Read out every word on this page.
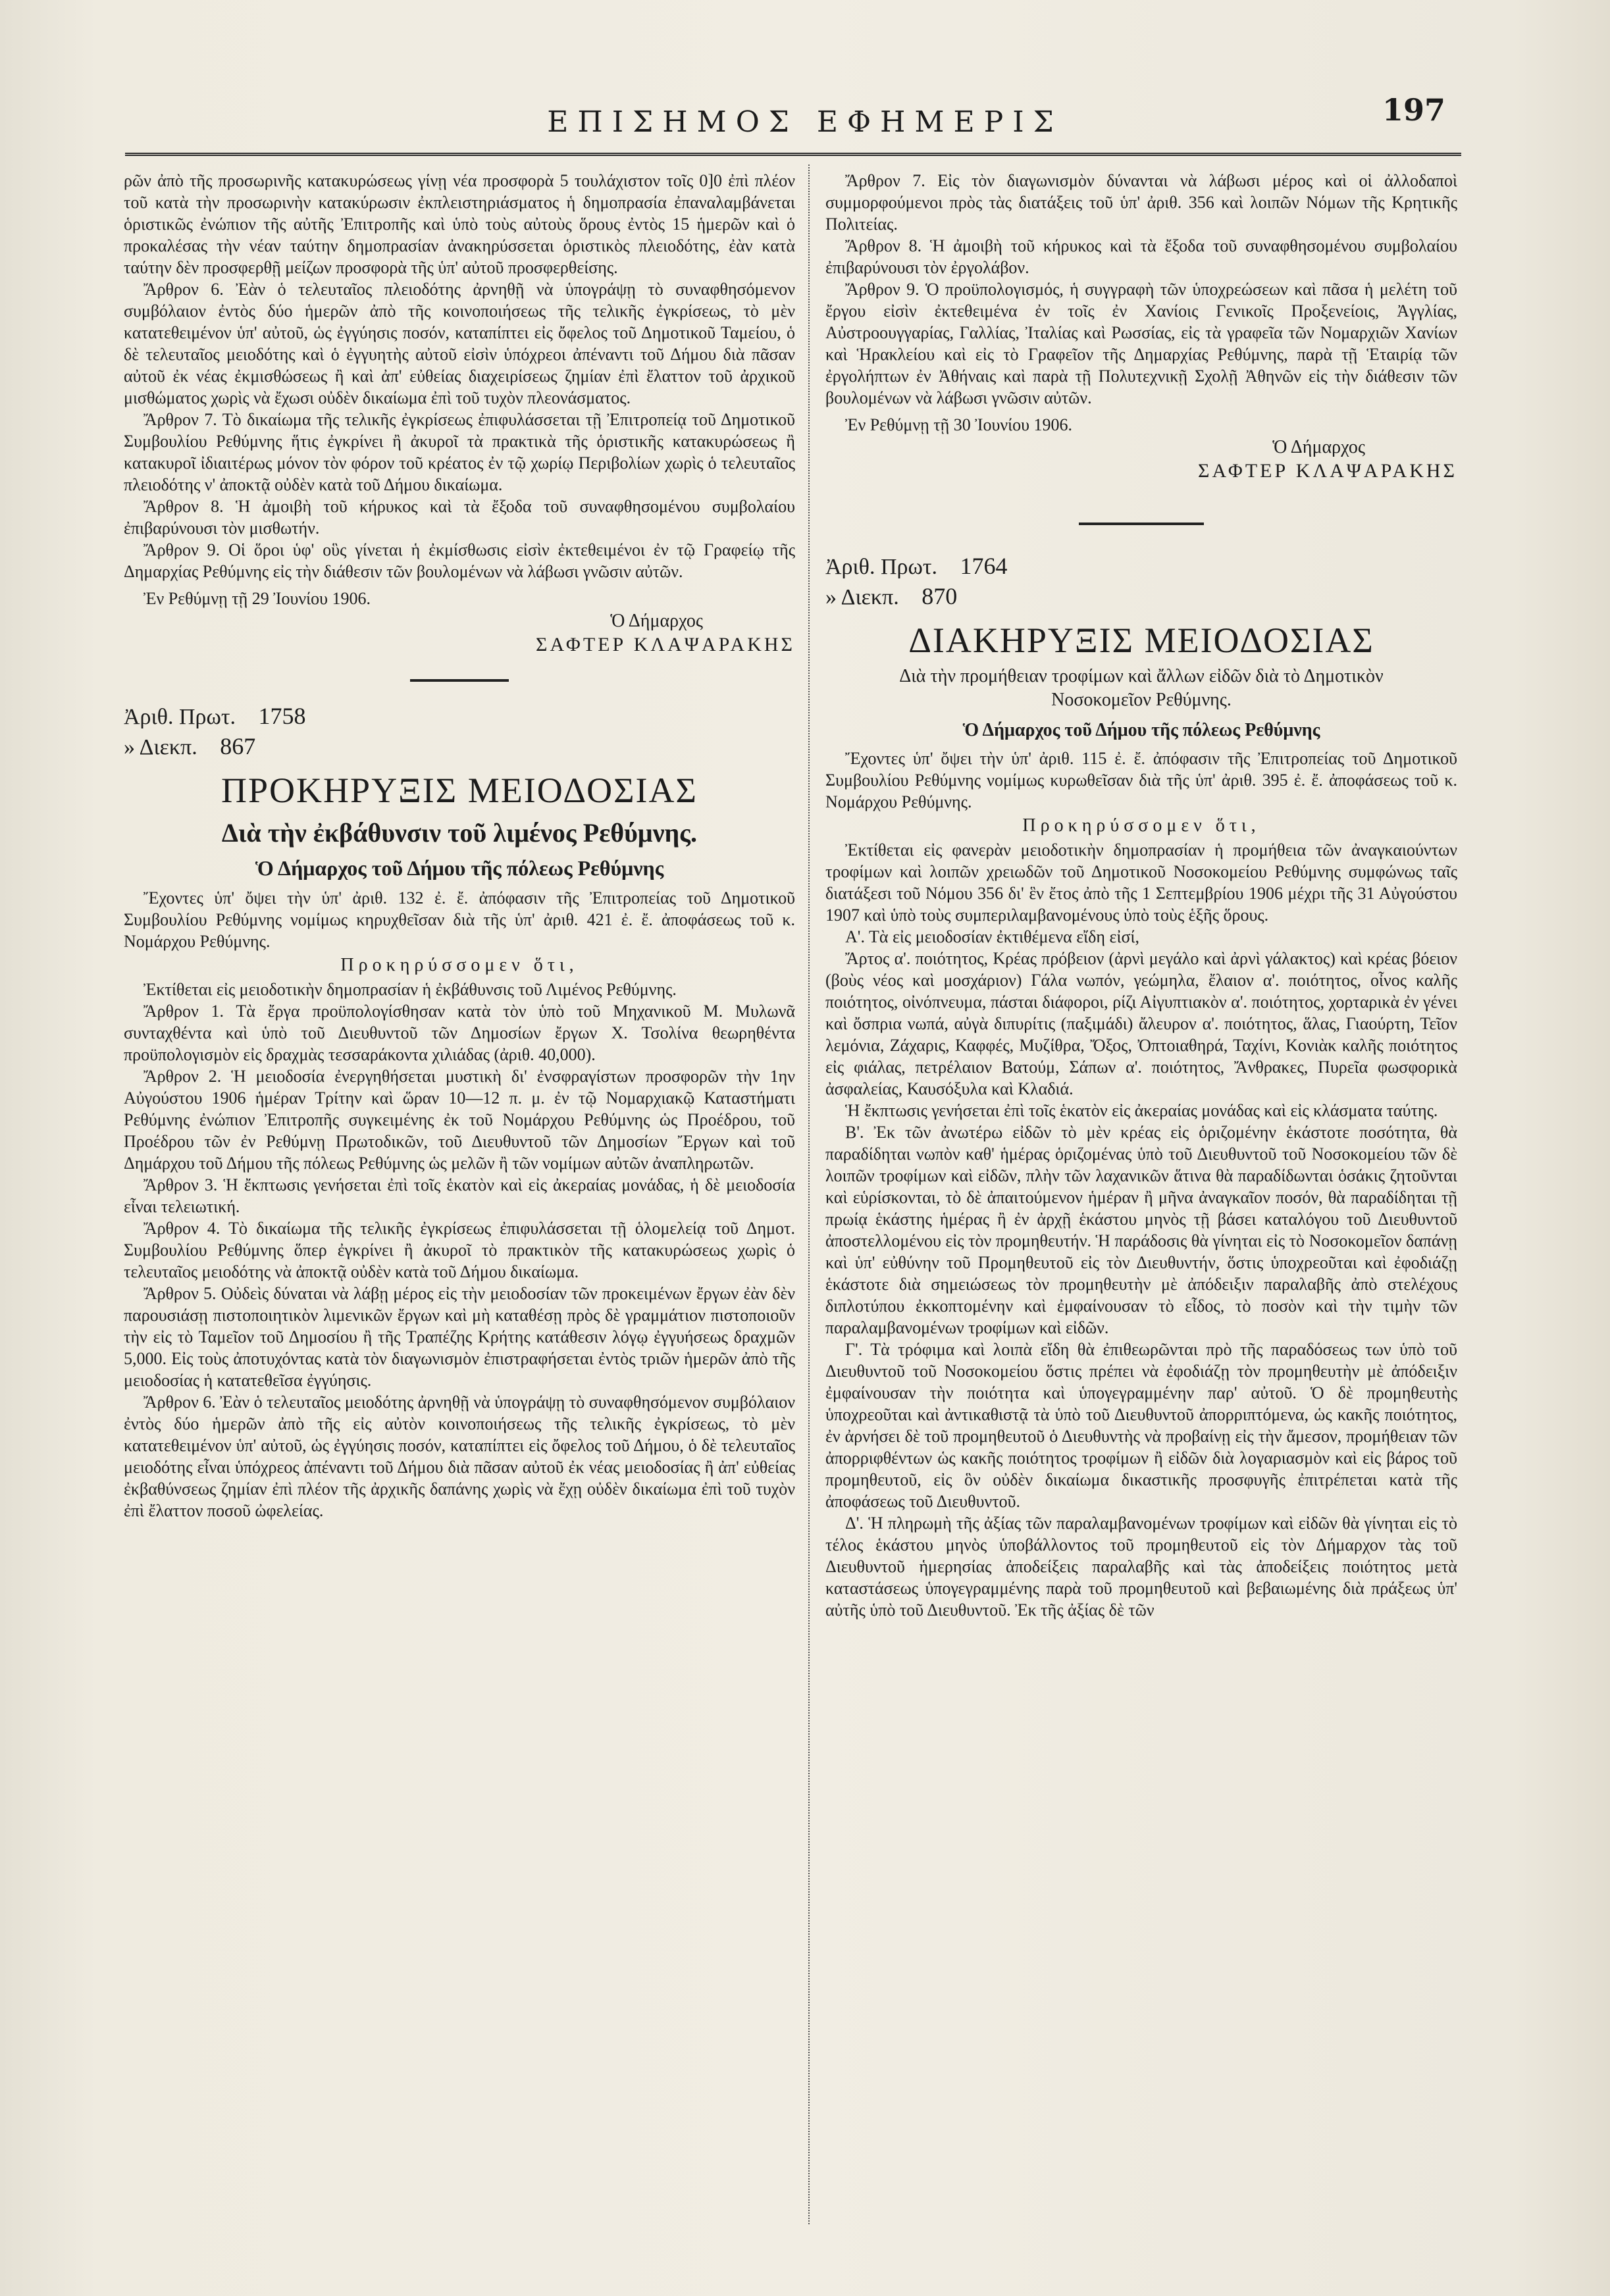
ΕΠΙΣΗΜΟΣ ΕΦΗΜΕΡΙΣ	197

ρῶν ἀπὸ τῆς προσωρινῆς κατακυρώσεως γίνῃ νέα προσφορὰ 5 τουλάχιστον τοῖς 0]0 ἐπὶ πλέον τοῦ κατὰ τὴν προσωρινὴν κατακύρωσιν ἐκπλειστηριάσματος ἡ δημοπρασία ἐπαναλαμβάνεται ὁριστικῶς ἐνώπιον τῆς αὐτῆς Ἐπιτροπῆς καὶ ὑπὸ τοὺς αὐτοὺς ὅρους ἐντὸς 15 ἡμερῶν καὶ ὁ προκαλέσας τὴν νέαν ταύτην δημοπρασίαν ἀνακηρύσσεται ὁριστικὸς πλειοδότης, ἐὰν κατὰ ταύτην δὲν προσφερθῇ μείζων προσφορὰ τῆς ὑπ' αὐτοῦ προσφερθείσης.

Ἄρθρον 6. Ἐὰν ὁ τελευταῖος πλειοδότης ἀρνηθῇ νὰ ὑπογράψῃ τὸ συναφθησόμενον συμβόλαιον ἐντὸς δύο ἡμερῶν ἀπὸ τῆς κοινοποιήσεως τῆς τελικῆς ἐγκρίσεως, τὸ μὲν κατατεθειμένον ὑπ' αὐτοῦ, ὡς ἐγγύησις ποσόν, καταπίπτει εἰς ὄφελος τοῦ Δημοτικοῦ Ταμείου, ὁ δὲ τελευταῖος μειοδότης καὶ ὁ ἐγγυητὴς αὐτοῦ εἰσὶν ὑπόχρεοι ἀπέναντι τοῦ Δήμου διὰ πᾶσαν αὐτοῦ ἐκ νέας ἐκμισθώσεως ἢ καὶ ἀπ' εὐθείας διαχειρίσεως ζημίαν ἐπὶ ἔλαττον τοῦ ἀρχικοῦ μισθώματος χωρὶς νὰ ἔχωσι οὐδὲν δικαίωμα ἐπὶ τοῦ τυχὸν πλεονάσματος.

Ἄρθρον 7. Τὸ δικαίωμα τῆς τελικῆς ἐγκρίσεως ἐπιφυλάσσεται τῇ Ἐπιτροπείᾳ τοῦ Δημοτικοῦ Συμβουλίου Ρεθύμνης ἥτις ἐγκρίνει ἢ ἀκυροῖ τὰ πρακτικὰ τῆς ὁριστικῆς κατακυρώσεως ἢ κατακυροῖ ἰδιαιτέρως μόνον τὸν φόρον τοῦ κρέατος ἐν τῷ χωρίῳ Περιβολίων χωρὶς ὁ τελευταῖος πλειοδότης ν' ἀποκτᾷ οὐδὲν κατὰ τοῦ Δήμου δικαίωμα.

Ἄρθρον 8. Ἡ ἀμοιβὴ τοῦ κήρυκος καὶ τὰ ἔξοδα τοῦ συναφθησομένου συμβολαίου ἐπιβαρύνουσι τὸν μισθωτήν.

Ἄρθρον 9. Οἱ ὅροι ὑφ' οὓς γίνεται ἡ ἐκμίσθωσις εἰσὶν ἐκτεθειμένοι ἐν τῷ Γραφείῳ τῆς Δημαρχίας Ρεθύμνης εἰς τὴν διάθεσιν τῶν βουλομένων νὰ λάβωσι γνῶσιν αὐτῶν.

Ἐν Ρεθύμνῃ τῇ 29 Ἰουνίου 1906.

Ὁ Δήμαρχος
ΣΑΦΤΕΡ ΚΛΑΨΑΡΑΚΗΣ
Ἀριθ. Πρωτ. 1758
» Διεκπ. 867
ΠΡΟΚΗΡΥΞΙΣ ΜΕΙΟΔΟΣΙΑΣ
Διὰ τὴν ἐκβάθυνσιν τοῦ λιμένος Ρεθύμνης.
Ὁ Δήμαρχος τοῦ Δήμου τῆς πόλεως Ρεθύμνης

Ἔχοντες ὑπ' ὄψει τὴν ὑπ' ἀριθ. 132 ἐ. ἔ. ἀπόφασιν τῆς Ἐπιτροπείας τοῦ Δημοτικοῦ Συμβουλίου Ρεθύμνης νομίμως κηρυχθεῖσαν διὰ τῆς ὑπ' ἀριθ. 421 ἐ. ἔ. ἀποφάσεως τοῦ κ. Νομάρχου Ρεθύμνης.

Προκηρύσσομεν ὅτι,

Ἐκτίθεται εἰς μειοδοτικὴν δημοπρασίαν ἡ ἐκβάθυνσις τοῦ Λιμένος Ρεθύμνης.

Ἄρθρον 1. Τὰ ἔργα προϋπολογίσθησαν κατὰ τὸν ὑπὸ τοῦ Μηχανικοῦ Μ. Μυλωνᾶ συνταχθέντα καὶ ὑπὸ τοῦ Διευθυντοῦ τῶν Δημοσίων ἔργων Χ. Τσολίνα θεωρηθέντα προϋπολογισμὸν εἰς δραχμὰς τεσσαράκοντα χιλιάδας (ἀριθ. 40,000).

Ἄρθρον 2. Ἡ μειοδοσία ἐνεργηθήσεται μυστικὴ δι' ἐνσφραγίστων προσφορῶν τὴν 1ην Αὐγούστου 1906 ἡμέραν Τρίτην καὶ ὥραν 10—12 π. μ. ἐν τῷ Νομαρχιακῷ Καταστήματι Ρεθύμνης ἐνώπιον Ἐπιτροπῆς συγκειμένης ἐκ τοῦ Νομάρχου Ρεθύμνης ὡς Προέδρου, τοῦ Προέδρου τῶν ἐν Ρεθύμνῃ Πρωτοδικῶν, τοῦ Διευθυντοῦ τῶν Δημοσίων Ἔργων καὶ τοῦ Δημάρχου τοῦ Δήμου τῆς πόλεως Ρεθύμνης ὡς μελῶν ἢ τῶν νομίμων αὐτῶν ἀναπληρωτῶν.

Ἄρθρον 3. Ἡ ἔκπτωσις γενήσεται ἐπὶ τοῖς ἑκατὸν καὶ εἰς ἀκεραίας μονάδας, ἡ δὲ μειοδοσία εἶναι τελειωτική.

Ἄρθρον 4. Τὸ δικαίωμα τῆς τελικῆς ἐγκρίσεως ἐπιφυλάσσεται τῇ ὁλομελείᾳ τοῦ Δημοτ. Συμβουλίου Ρεθύμνης ὅπερ ἐγκρίνει ἢ ἀκυροῖ τὸ πρακτικὸν τῆς κατακυρώσεως χωρὶς ὁ τελευταῖος μειοδότης νὰ ἀποκτᾷ οὐδὲν κατὰ τοῦ Δήμου δικαίωμα.

Ἄρθρον 5. Οὐδεὶς δύναται νὰ λάβῃ μέρος εἰς τὴν μειοδοσίαν τῶν προκειμένων ἔργων ἐὰν δὲν παρουσιάσῃ πιστοποιητικὸν λιμενικῶν ἔργων καὶ μὴ καταθέσῃ πρὸς δὲ γραμμάτιον πιστοποιοῦν τὴν εἰς τὸ Ταμεῖον τοῦ Δημοσίου ἢ τῆς Τραπέζης Κρήτης κατάθεσιν λόγῳ ἐγγυήσεως δραχμῶν 5,000. Εἰς τοὺς ἀποτυχόντας κατὰ τὸν διαγωνισμὸν ἐπιστραφήσεται ἐντὸς τριῶν ἡμερῶν ἀπὸ τῆς μειοδοσίας ἡ κατατεθεῖσα ἐγγύησις.

Ἄρθρον 6. Ἐὰν ὁ τελευταῖος μειοδότης ἀρνηθῇ νὰ ὑπογράψῃ τὸ συναφθησόμενον συμβόλαιον ἐντὸς δύο ἡμερῶν ἀπὸ τῆς εἰς αὐτὸν κοινοποιήσεως τῆς τελικῆς ἐγκρίσεως, τὸ μὲν κατατεθειμένον ὑπ' αὐτοῦ, ὡς ἐγγύησις ποσόν, καταπίπτει εἰς ὄφελος τοῦ Δήμου, ὁ δὲ τελευταῖος μειοδότης εἶναι ὑπόχρεος ἀπέναντι τοῦ Δήμου διὰ πᾶσαν αὐτοῦ ἐκ νέας μειοδοσίας ἢ ἀπ' εὐθείας ἐκβαθύνσεως ζημίαν ἐπὶ πλέον τῆς ἀρχικῆς δαπάνης χωρὶς νὰ ἔχῃ οὐδὲν δικαίωμα ἐπὶ τοῦ τυχὸν ἐπὶ ἔλαττον ποσοῦ ὠφελείας.

Ἄρθρον 7. Εἰς τὸν διαγωνισμὸν δύνανται νὰ λάβωσι μέρος καὶ οἱ ἀλλοδαποὶ συμμορφούμενοι πρὸς τὰς διατάξεις τοῦ ὑπ' ἀριθ. 356 καὶ λοιπῶν Νόμων τῆς Κρητικῆς Πολιτείας.

Ἄρθρον 8. Ἡ ἀμοιβὴ τοῦ κήρυκος καὶ τὰ ἔξοδα τοῦ συναφθησομένου συμβολαίου ἐπιβαρύνουσι τὸν ἐργολάβον.

Ἄρθρον 9. Ὁ προϋπολογισμός, ἡ συγγραφὴ τῶν ὑποχρεώσεων καὶ πᾶσα ἡ μελέτη τοῦ ἔργου εἰσὶν ἐκτεθειμένα ἐν τοῖς ἐν Χανίοις Γενικοῖς Προξενείοις, Ἀγγλίας, Αὐστροουγγαρίας, Γαλλίας, Ἰταλίας καὶ Ρωσσίας, εἰς τὰ γραφεῖα τῶν Νομαρχιῶν Χανίων καὶ Ἡρακλείου καὶ εἰς τὸ Γραφεῖον τῆς Δημαρχίας Ρεθύμνης, παρὰ τῇ Ἑταιρίᾳ τῶν ἐργολήπτων ἐν Ἀθήναις καὶ παρὰ τῇ Πολυτεχνικῇ Σχολῇ Ἀθηνῶν εἰς τὴν διάθεσιν τῶν βουλομένων νὰ λάβωσι γνῶσιν αὐτῶν.

Ἐν Ρεθύμνῃ τῇ 30 Ἰουνίου 1906.

Ὁ Δήμαρχος
ΣΑΦΤΕΡ ΚΛΑΨΑΡΑΚΗΣ
Ἀριθ. Πρωτ. 1764
» Διεκπ. 870
ΔΙΑΚΗΡΥΞΙΣ ΜΕΙΟΔΟΣΙΑΣ
Διὰ τὴν προμήθειαν τροφίμων καὶ ἄλλων εἰδῶν διὰ τὸ Δημοτικὸν Νοσοκομεῖον Ρεθύμνης.
Ὁ Δήμαρχος τοῦ Δήμου τῆς πόλεως Ρεθύμνης

Ἔχοντες ὑπ' ὄψει τὴν ὑπ' ἀριθ. 115 ἐ. ἔ. ἀπόφασιν τῆς Ἐπιτροπείας τοῦ Δημοτικοῦ Συμβουλίου Ρεθύμνης νομίμως κυρωθεῖσαν διὰ τῆς ὑπ' ἀριθ. 395 ἐ. ἔ. ἀποφάσεως τοῦ κ. Νομάρχου Ρεθύμνης.

Προκηρύσσομεν ὅτι,

Ἐκτίθεται εἰς φανερὰν μειοδοτικὴν δημοπρασίαν ἡ προμήθεια τῶν ἀναγκαιούντων τροφίμων καὶ λοιπῶν χρειωδῶν τοῦ Δημοτικοῦ Νοσοκομείου Ρεθύμνης συμφώνως ταῖς διατάξεσι τοῦ Νόμου 356 δι' ἓν ἔτος ἀπὸ τῆς 1 Σεπτεμβρίου 1906 μέχρι τῆς 31 Αὐγούστου 1907 καὶ ὑπὸ τοὺς συμπεριλαμβανομένους ὑπὸ τοὺς ἑξῆς ὅρους.

Α'. Τὰ εἰς μειοδοσίαν ἐκτιθέμενα εἴδη εἰσί,

Ἄρτος α'. ποιότητος, Κρέας πρόβειον (ἀρνὶ μεγάλο καὶ ἀρνὶ γάλακτος) καὶ κρέας βόειον (βοὺς νέος καὶ μοσχάριον) Γάλα νωπόν, γεώμηλα, ἔλαιον α'. ποιότητος, οἶνος καλῆς ποιότητος, οἰνόπνευμα, πάσται διάφοροι, ρίζι Αἰγυπτιακὸν α'. ποιότητος, χορταρικὰ ἐν γένει καὶ ὄσπρια νωπά, αὐγὰ διπυρίτις (παξιμάδι) ἄλευρον α'. ποιότητος, ἅλας, Γιαούρτη, Τεῖον λεμόνια, Ζάχαρις, Καφφές, Μυζίθρα, Ὄξος, Ὀπτοιαθηρά, Ταχίνι, Κονιὰκ καλῆς ποιότητος εἰς φιάλας, πετρέλαιον Βατούμ, Σάπων α'. ποιότητος, Ἄνθρακες, Πυρεῖα φωσφορικὰ ἀσφαλείας, Καυσόξυλα καὶ Κλαδιά.

Ἡ ἔκπτωσις γενήσεται ἐπὶ τοῖς ἑκατὸν εἰς ἀκεραίας μονάδας καὶ εἰς κλάσματα ταύτης.

Β'. Ἐκ τῶν ἀνωτέρω εἰδῶν τὸ μὲν κρέας εἰς ὁριζομένην ἑκάστοτε ποσότητα, θὰ παραδίδηται νωπὸν καθ' ἡμέρας ὁριζομένας ὑπὸ τοῦ Διευθυντοῦ τοῦ Νοσοκομείου τῶν δὲ λοιπῶν τροφίμων καὶ εἰδῶν, πλὴν τῶν λαχανικῶν ἅτινα θὰ παραδίδωνται ὁσάκις ζητοῦνται καὶ εὑρίσκονται, τὸ δὲ ἀπαιτούμενον ἡμέραν ἢ μῆνα ἀναγκαῖον ποσόν, θὰ παραδίδηται τῇ πρωίᾳ ἑκάστης ἡμέρας ἢ ἐν ἀρχῇ ἑκάστου μηνὸς τῇ βάσει καταλόγου τοῦ Διευθυντοῦ ἀποστελλομένου εἰς τὸν προμηθευτήν. Ἡ παράδοσις θὰ γίνηται εἰς τὸ Νοσοκομεῖον δαπάνῃ καὶ ὑπ' εὐθύνην τοῦ Προμηθευτοῦ εἰς τὸν Διευθυντήν, ὅστις ὑποχρεοῦται καὶ ἐφοδιάζῃ ἑκάστοτε διὰ σημειώσεως τὸν προμηθευτὴν μὲ ἀπόδειξιν παραλαβῆς ἀπὸ στελέχους διπλοτύπου ἐκκοπτομένην καὶ ἐμφαίνουσαν τὸ εἶδος, τὸ ποσὸν καὶ τὴν τιμὴν τῶν παραλαμβανομένων τροφίμων καὶ εἰδῶν.

Γ'. Τὰ τρόφιμα καὶ λοιπὰ εἴδη θὰ ἐπιθεωρῶνται πρὸ τῆς παραδόσεως των ὑπὸ τοῦ Διευθυντοῦ τοῦ Νοσοκομείου ὅστις πρέπει νὰ ἐφοδιάζῃ τὸν προμηθευτὴν μὲ ἀπόδειξιν ἐμφαίνουσαν τὴν ποιότητα καὶ ὑπογεγραμμένην παρ' αὐτοῦ. Ὁ δὲ προμηθευτὴς ὑποχρεοῦται καὶ ἀντικαθιστᾷ τὰ ὑπὸ τοῦ Διευθυντοῦ ἀπορριπτόμενα, ὡς κακῆς ποιότητος, ἐν ἀρνήσει δὲ τοῦ προμηθευτοῦ ὁ Διευθυντὴς νὰ προβαίνῃ εἰς τὴν ἄμεσον, προμήθειαν τῶν ἀπορριφθέντων ὡς κακῆς ποιότητος τροφίμων ἢ εἰδῶν διὰ λογαριασμὸν καὶ εἰς βάρος τοῦ προμηθευτοῦ, εἰς ὃν οὐδὲν δικαίωμα δικαστικῆς προσφυγῆς ἐπιτρέπεται κατὰ τῆς ἀποφάσεως τοῦ Διευθυντοῦ.

Δ'. Ἡ πληρωμὴ τῆς ἀξίας τῶν παραλαμβανομένων τροφίμων καὶ εἰδῶν θὰ γίνηται εἰς τὸ τέλος ἑκάστου μηνὸς ὑποβάλλοντος τοῦ προμηθευτοῦ εἰς τὸν Δήμαρχον τὰς τοῦ Διευθυντοῦ ἡμερησίας ἀποδείξεις παραλαβῆς καὶ τὰς ἀποδείξεις ποιότητος μετὰ καταστάσεως ὑπογεγραμμένης παρὰ τοῦ προμηθευτοῦ καὶ βεβαιωμένης διὰ πράξεως ὑπ' αὐτῆς ὑπὸ τοῦ Διευθυντοῦ. Ἐκ τῆς ἀξίας δὲ τῶν
